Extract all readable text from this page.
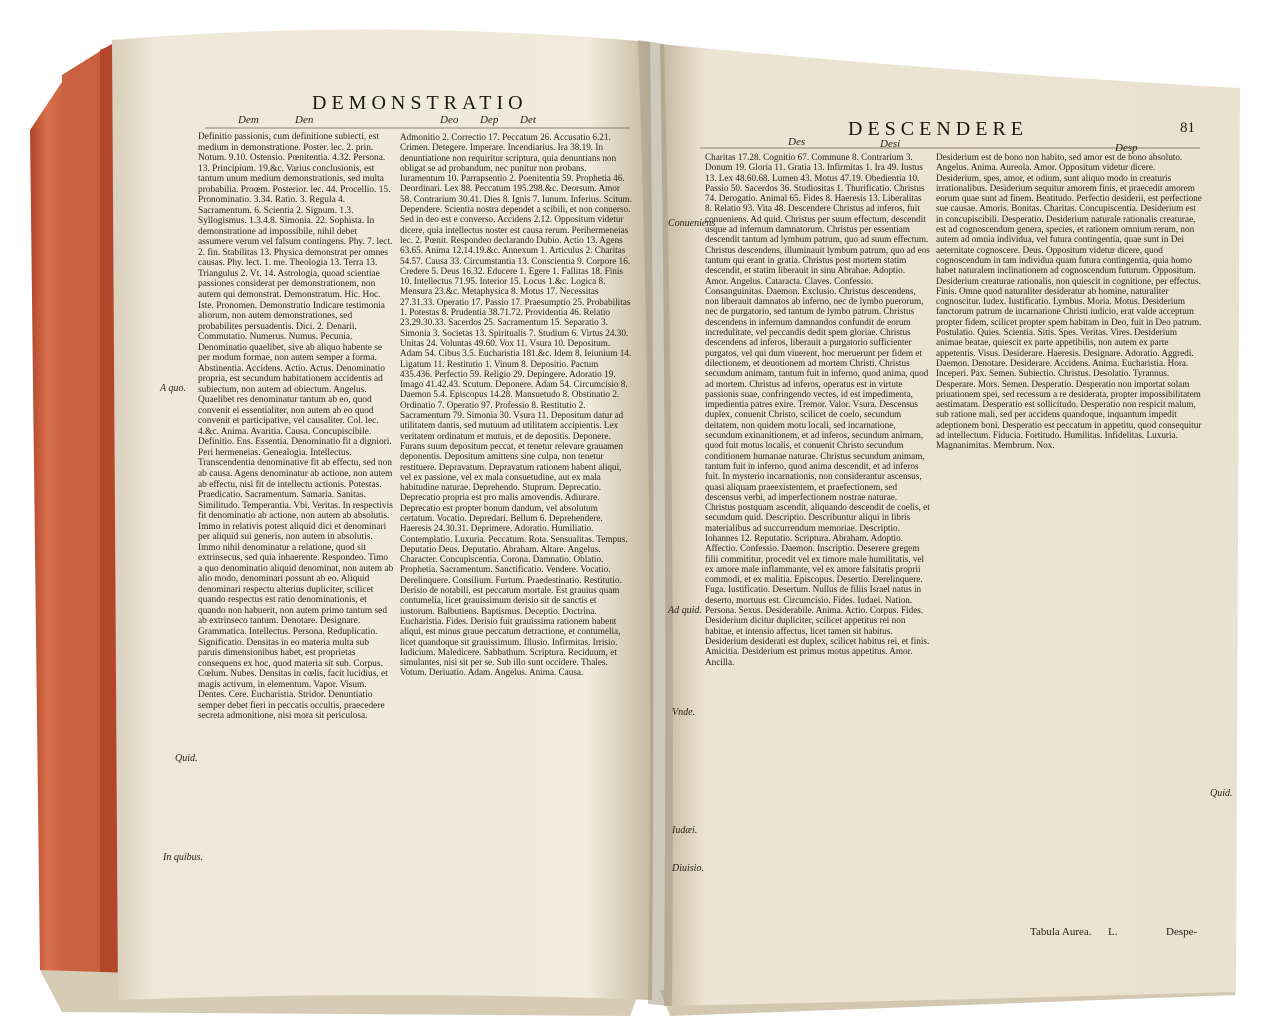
DEMONSTRATIO
Dem	Den	Deo Dep Det
A quo.
Quid.
In quibus.

Definitio passionis, cum definitione subiecti, est medium in demonstratione. Poster. lec. 2. prin. Notum. 9.10. Ostensio. Pœnitentia. 4.32. Persona. 13. Principium. 19.&c. Varius conclusionis, est tantum unum medium demonstrationis, sed multa probabilia. Proœm. Posterior. lec. 44. Procellio. 15. Pronominatio. 3.34. Ratio. 3. Regula 4. Sacramentum. 6. Scientia 2. Signum. 1.3. Syllogismus. 1.3.4.8. Simonia. 22. Sophista. In demonstratione ad impossibile, nihil debet assumere verum vel falsum contingens. Phy. 7. lect. 2. fin. Stabilitas 13. Physica demonstrat per omnes causas. Phy. lect. 1. me. Theologia 13. Terra 13. Triangulus 2. Vt. 14. Astrologia, quoad scientiae passiones considerat per demonstrationem, non autem qui demonstrat. Demonstratum. Hic. Hoc. Iste. Pronomen. Demonstratio Indicare testimonia aliorum, non autem demonstrationes, sed probabilites persuadentis. Dici. 2. Denarii. Commutatio. Numerus. Numus. Pecunia. Denominatio quaelibet, sive ab aliquo habente se per modum formae, non autem semper a forma. Abstinentia. Accidens. Actio. Actus. Denominatio propria, est secundum habitationem accidentis ad subiectum, non autem ad obiectum. Angelus. Quaelibet res denominatur tantum ab eo, quod convenit ei essentialiter, non autem ab eo quod convenit et participative, vel causaliter. Col. lec. 4.&c. Anima. Avaritia. Causa. Concupiscibile. Definitio. Ens. Essentia. Denominatio fit a digniori. Peri hermeneias. Genealogia. Intellectus. Transcendentia denominative fit ab effectu, sed non ab causa. Agens denominatur ab actione, non autem ab effectu, nisi fit de intellectu actionis. Potestas. Praedicatio. Sacramentum. Samaria. Sanitas. Similitudo. Temperantia. Vbi. Veritas. In respectivis fit denominatio ab actione, non autem ab absolutis. Immo in relativis potest aliquid dici et denominari per aliquid sui generis, non autem in absolutis. Immo nihil denominatur a relatione, quod sit extrinsecus, sed quia inhaerente. Respondeo. Timo a quo denominatio aliquid denominat, non autem ab alio modo, denominari possunt ab eo. Aliquid denominari respectu alterius dupliciter, scilicet quando respectus est ratio denominationis, et quando non habuerit, non autem primo tantum sed ab extrinseco tantum. Denotare. Designare. Grammatica. Intellectus. Persona. Reduplicatio. Significatio. Densitas in eo materia multa sub paruis dimensionibus habet, est proprietas consequens ex hoc, quod materia sit sub. Corpus. Cœlum. Nubes. Densitas in cœlis, facit lucidius, et magis activum, in elementum. Vapor. Visum. Dentes. Cere. Eucharistia. Stridor. Denuntiatio semper debet fieri in peccatis occultis, praecedere secreta admonitione, nisi mora sit periculosa.

Admonitio 2. Correctio 17. Peccatum 26. Accusatio 6.21. Crimen. Detegere. Imperare. Incendiarius. Ira 38.19. In denuntiatione non requiritur scriptura, quia denuntians non obligat se ad probandum, nec punitur non probans. Iuramentum 10. Parrapsentio 2. Poenitentia 59. Prophetia 46. Deordinari. Lex 88. Peccatum 195.298.&c. Deorsum. Amor 58. Contrarium 30.41. Dies 8. Ignis 7. Iunum. Inferius. Scitum. Dependere. Scientia nostra dependet a scibili, et non conuerso. Sed in deo est e converso. Accidens 2.12. Oppositum videtur dicere, quia intellectus noster est causa rerum. Perihermeneias lec. 2. Pœnit. Respondeo declarando Dubio. Actio 13. Agens 63.65. Anima 12.14.19.&c. Annexum 1. Articulus 2. Charitas 54.57. Causa 33. Circumstantia 13. Conscientia 9. Corpore 16. Credere 5. Deus 16.32. Educere 1. Egere 1. Fallitas 18. Finis 10. Intellectus 71.95. Interior 15. Locus 1.&c. Logica 8. Mensura 23.&c. Metaphysica 8. Motus 17. Necessitas 27.31.33. Operatio 17. Passio 17. Praesumptio 25. Probabilitas 1. Potestas 8. Prudentia 38.71.72. Providentia 46. Relatio 23.29.30.33. Sacerdos 25. Sacramentum 15. Separatio 3. Simonia 3. Societas 13. Spiritualis 7. Studium 6. Virtus 24.30. Unitas 24. Voluntas 49.60. Vox 11. Vsura 10. Depositum. Adam 54. Cibus 3.5. Eucharistia 181.&c. Idem 8. Ieiunium 14. Ligatum 11. Restitutio 1. Vinum 8. Depositio. Pactum 435.436. Perfectio 59. Religio 29. Depingere. Adoratio 19. Imago 41.42.43. Scutum. Deponere. Adam 54. Circumcisio 8. Daemon 5.4. Episcopus 14.28. Mansuetudo 8. Obstinatio 2. Ordinatio 7. Operatio 97. Professio 8. Restitutio 2. Sacramentum 79. Simonia 30. Vsura 11. Depositum datur ad utilitatem dantis, sed mutuum ad utilitatem accipientis. Lex veritatem ordinatum et mutuis, et de depositis. Deponere. Furans suum depositum peccat, et tenetur relevare grauamen deponentis. Depositum amittens sine culpa, non tenetur restituere. Depravatum. Depravatum rationem habent aliqui, vel ex passione, vel ex mala consuetudine, aut ex mala habitudine naturae. Deprehendo. Stuprum. Deprecatio. Deprecatio propria est pro malis amovendis. Adiurare. Deprecatio est propter bonum dandum, vel absolutum certatum. Vocatio. Depredari. Bellum 6. Deprehendere. Haeresis 24.30.31. Deprimere. Adoratio. Humiliatio. Contemplatio. Luxuria. Peccatum. Rota. Sensualitas. Tempus. Deputatio Deus. Deputatio. Abraham. Altare. Angelus. Character. Concupiscentia. Corona. Damnatio. Oblatio. Prophetia. Sacramentum. Sanctificatio. Vendere. Vocatio. Derelinquere. Consilium. Furtum. Praedestinatio. Restitutio. Derisio de notabili, est peccatum mortale. Est grauius quam contumelia, licet grauissimum derisio sit de sanctis et iustorum. Balbutiens. Baptismus. Deceptio. Doctrina. Eucharistia. Fides. Derisio fuit grauissima rationem habent aliqui, est minus graue peccatum detractione, et contumelia, licet quandoque sit grauissimum. Illusio. Infirmitas. Irrisio. Iudicium. Maledicere. Sabbathum. Scriptura. Reciduum, et simulantes, nisi sit per se. Sub illo sunt occidere. Thales. Votum. Deriuatio. Adam. Angelus. Anima. Causa.

DESCENDERE	81
Des	Desi	Desp
Conueniens
Ad quid.
Vnde.
Iudæi.
Diuisio.
Quid.

Charitas 17.28. Cognitio 67. Commune 8. Contrarium 3. Donum 19. Gloria 11. Gratia 13. Infirmitas 1. Ira 49. Iustus 13. Lex 48.60.68. Lumen 43. Motus 47.19. Obedientia 10. Passio 50. Sacerdos 36. Studiositas 1. Thurificatio. Christus 74. Derogatio. Animal 65. Fides 8. Haeresis 13. Liberalitas 8. Relatio 93. Vita 48. Descendere Christus ad inferos, fuit conueniens. Ad quid. Christus per suum effectum, descendit usque ad infernum damnatorum. Christus per essentiam descendit tantum ad lymbum patrum, quo ad suum effectum. Christus descendens, illuminauit lymbum patrum, quo ad eos tantum qui erant in gratia. Christus post mortem statim descendit, et statim liberauit in sinu Abrahae. Adoptio. Amor. Angelus. Cataracta. Claves. Confessio. Consanguinitas. Daemon. Exclusio. Christus descendens, non liberauit damnatos ab inferno, nec de lymbo puerorum, nec de purgatorio, sed tantum de lymbo patrum. Christus descendens in infernum damnandos confundit de eorum incredulitate, vel peccandis dedit spem gloriae. Christus descendens ad inferos, liberauit a purgatorio sufficienter purgatos, vel qui dum viuerent, hoc meruerunt per fidem et dilectionem, et deuotionem ad mortem Christi. Christus secundum animam, tantum fuit in inferno, quod anima, quod ad mortem. Christus ad inferos, operatus est in virtute passionis suae, confringendo vectes, id est impedimenta, impedientia patres exire. Tremor. Valor. Vsura. Descensus duplex, conuenit Christo, scilicet de coelo, secundum deitatem, non quidem motu locali, sed incarnatione, secundum exinanitionem, et ad inferos, secundum animam, quod fuit motus localis, et conuenit Christo secundum conditionem humanae naturae. Christus secundum animam, tantum fuit in inferno, quod anima descendit, et ad inferos fuit. In mysterio incarnationis, non considerantur ascensus, quasi aliquam praeexistentem, et praefectionem, sed descensus verbi, ad imperfectionem nostrae naturae. Christus postquam ascendit, aliquando descendit de coelis, et secundum quid. Descriptio. Describuntur aliqui in libris materialibus ad succurrendum memoriae. Descriptio. Iohannes 12. Reputatio. Scriptura. Abraham. Adoptio. Affectio. Confessio. Daemon. Inscriptio. Deserere gregem filii commititur, procedit vel ex timore male humilitatis, vel ex amore male inflammante, vel ex amore falsitatis proprii commodi, et ex malitia. Episcopus. Desertio. Derelinquere. Fuga. Iustificatio. Desertum. Nullus de filiis Israel natus in deserto, mortuus est. Circumcisio. Fides. Iudaei. Nation. Persona. Sexus. Desiderabile. Anima. Actio. Corpus. Fides. Desiderium dicitur dupliciter, scilicet appetitus rei non habitae, et intensio affectus, licet tamen sit habitus. Desiderium desiderati est duplex, scilicet habitus rei, et finis. Amicitia. Desiderium est primus motus appetitus. Amor. Ancilla.

Desiderium est de bono non habito, sed amor est de bono absoluto. Angelus. Anima. Aureola. Amor. Oppositum videtur dicere. Desiderium, spes, amor, et odium, sunt aliquo modo in creaturis irrationalibus. Desiderium sequitur amorem finis, et praecedit amorem eorum quae sunt ad finem. Beatitudo. Perfectio desiderii, est perfectione sue causae. Amoris. Bonitas. Charitas. Concupiscentia. Desiderium est in concupiscibili. Desperatio. Desiderium naturale rationalis creaturae, est ad cognoscendum genera, species, et rationem omnium rerum, non autem ad omnia individua, vel futura contingentia, quae sunt in Dei aeternitate cognoscere. Deus. Oppositum videtur dicere, quod cognoscendum in tam individua quam futura contingentia, quia homo habet naturalem inclinationem ad cognoscendum futurum. Oppositum. Desiderium creaturae rationalis, non quiescit in cognitione, per effectus. Finis. Omne quod naturaliter desideratur ab homine, naturaliter cognoscitur. Iudex. Iustificatio. Lymbus. Moria. Motus. Desiderium fanctorum patrum de incarnatione Christi iudicio, erat valde acceptum propter fidem, scilicet propter spem habitam in Deo, fuit in Deo patrum. Postulatio. Quies. Scientia. Sitis. Spes. Veritas. Vires. Desiderium animae beatae, quiescit ex parte appetibilis, non autem ex parte appetentis. Visus. Desiderare. Haeresis. Designare. Adoratio. Aggredi. Daemon. Denotare. Desiderare. Accidens. Anima. Eucharistia. Hora. Inceperi. Pax. Semen. Subiectio. Christus. Desolatio. Tyrannus. Desperare. Mors. Semen. Desperatio. Desperatio non importat solam priuationem spei, sed recessum a re desiderata, propter impossibilitatem aestimatam. Desperatio est sollicitudo. Desperatio non respicit malum, sub ratione mali, sed per accidens quandoque, inquantum impedit adeptionem boni. Desperatio est peccatum in appetitu, quod consequitur ad intellectum. Fiducia. Fortitudo. Humilitas. Infidelitas. Luxuria. Magnanimitas. Membrum. Nox.

Tabula Aurea. L.	Despe-
